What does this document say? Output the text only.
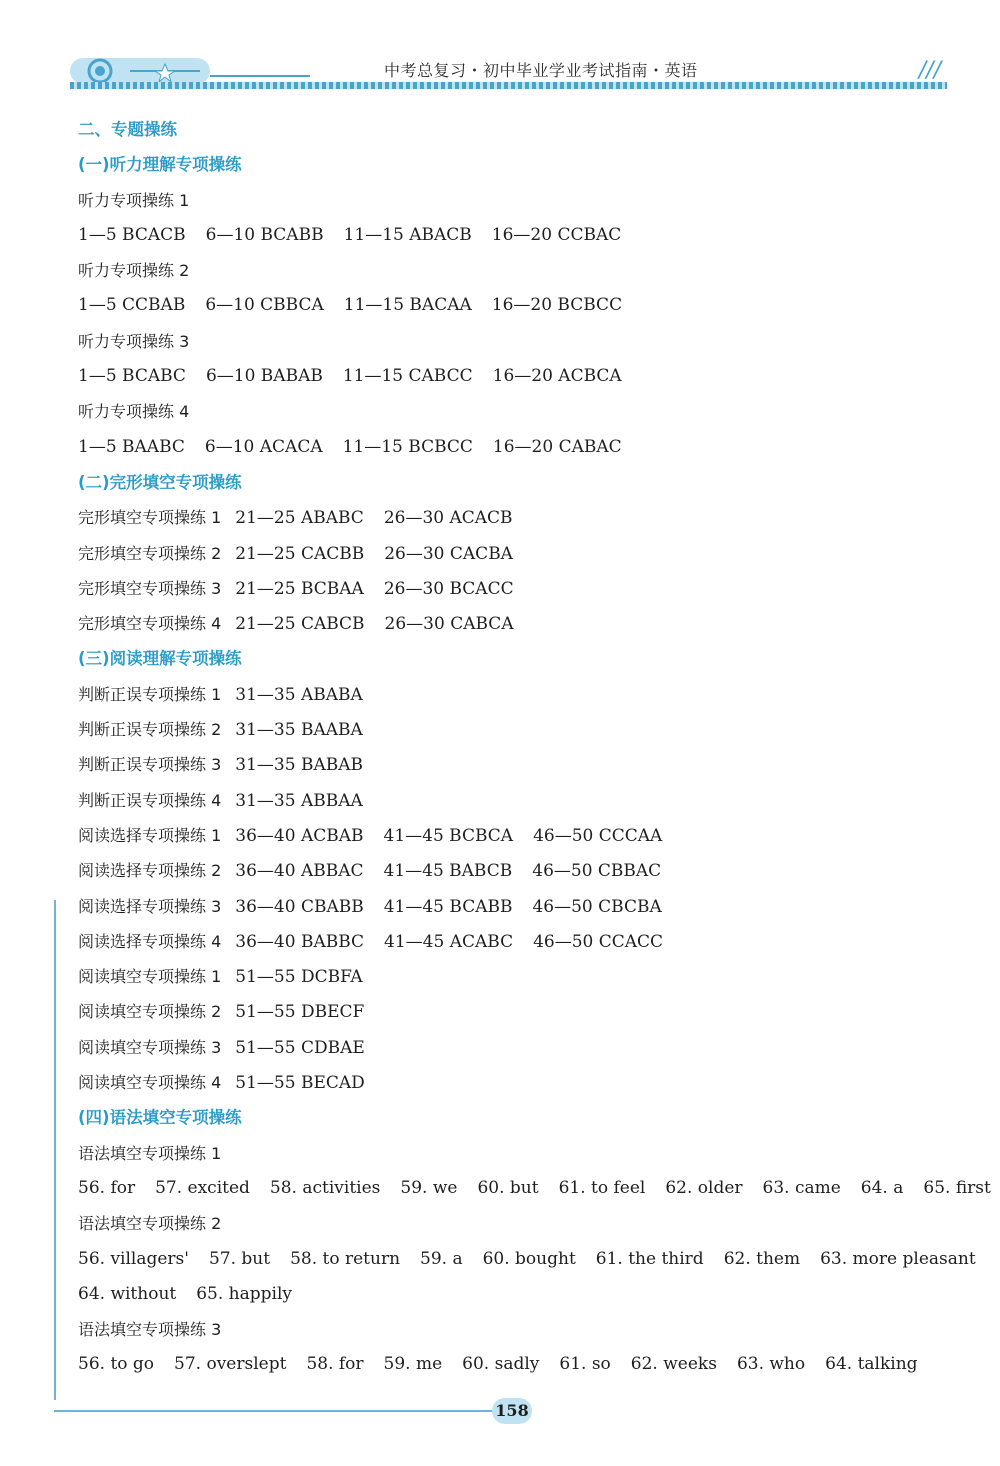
中考总复习・初中毕业学业考试指南・英语	///
二、专题操练
(一)听力理解专项操练
听力专项操练 1
1—5 BCACB 6—10 BCABB 11—15 ABACB 16—20 CCBAC
听力专项操练 2
1—5 CCBAB 6—10 CBBCA 11—15 BACAA 16—20 BCBCC
听力专项操练 3
1—5 BCABC 6—10 BABAB 11—15 CABCC 16—20 ACBCA
听力专项操练 4
1—5 BAABC 6—10 ACACA 11—15 BCBCC 16—20 CABAC
(二)完形填空专项操练
完形填空专项操练 1 21—25 ABABC 26—30 ACACB
完形填空专项操练 2 21—25 CACBB 26—30 CACBA
完形填空专项操练 3 21—25 BCBAA 26—30 BCACC
完形填空专项操练 4 21—25 CABCB 26—30 CABCA
(三)阅读理解专项操练
判断正误专项操练 1 31—35 ABABA
判断正误专项操练 2 31—35 BAABA
判断正误专项操练 3 31—35 BABAB
判断正误专项操练 4 31—35 ABBAA
阅读选择专项操练 1 36—40 ACBAB 41—45 BCBCA 46—50 CCCAA
阅读选择专项操练 2 36—40 ABBAC 41—45 BABCB 46—50 CBBAC
阅读选择专项操练 3 36—40 CBABB 41—45 BCABB 46—50 CBCBA
阅读选择专项操练 4 36—40 BABBC 41—45 ACABC 46—50 CCACC
阅读填空专项操练 1 51—55 DCBFA
阅读填空专项操练 2 51—55 DBECF
阅读填空专项操练 3 51—55 CDBAE
阅读填空专项操练 4 51—55 BECAD
(四)语法填空专项操练
语法填空专项操练 1
56. for 57. excited 58. activities 59. we 60. but 61. to feel 62. older 63. came 64. a 65. first
语法填空专项操练 2
56. villagers' 57. but 58. to return 59. a 60. bought 61. the third 62. them 63. more pleasant
64. without 65. happily
语法填空专项操练 3
56. to go 57. overslept 58. for 59. me 60. sadly 61. so 62. weeks 63. who 64. talking
158
